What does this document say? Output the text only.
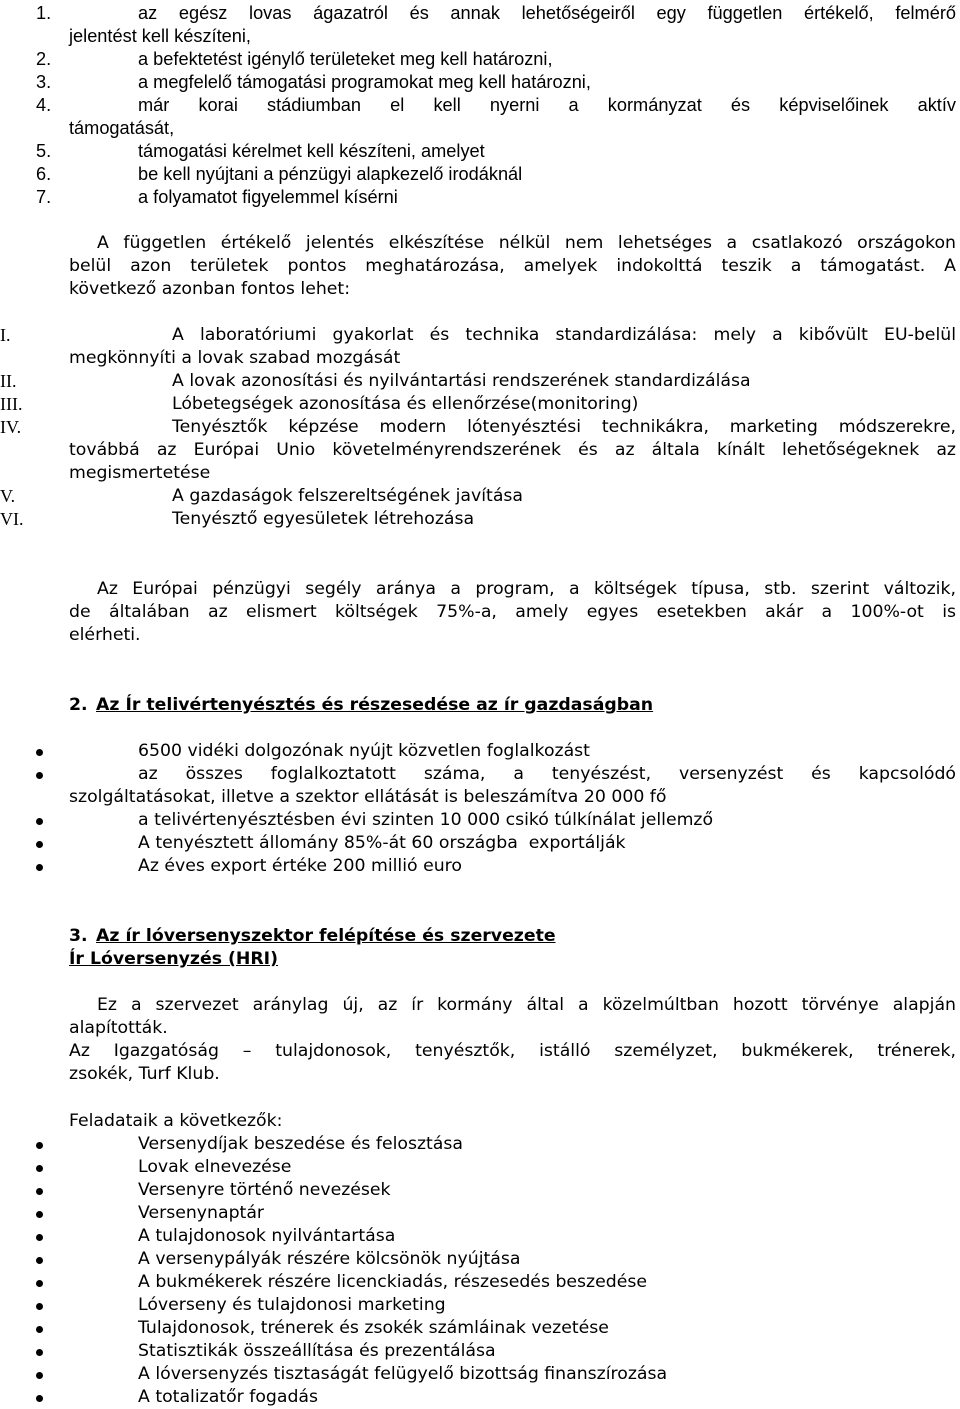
1.	az egész lovas ágazatról és annak lehetőségeiről egy független értékelő, felmérő
jelentést kell készíteni,
2.	a befektetést igénylő területeket meg kell határozni,
3.	a megfelelő támogatási programokat meg kell határozni,
4.	már korai stádiumban el kell nyerni a kormányzat és képviselőinek aktív
támogatását,
5.	támogatási kérelmet kell készíteni, amelyet
6.	be kell nyújtani a pénzügyi alapkezelő irodáknál
7.	a folyamatot figyelemmel kísérni
A független értékelő jelentés elkészítése nélkül nem lehetséges a csatlakozó országokon
belül azon területek pontos meghatározása, amelyek indokolttá teszik a támogatást. A
következő azonban fontos lehet:
I.	A laboratóriumi gyakorlat és technika standardizálása: mely a kibővült EU-belül
megkönnyíti a lovak szabad mozgását
II.	A lovak azonosítási és nyilvántartási rendszerének standardizálása
III.	Lóbetegségek azonosítása és ellenőrzése(monitoring)
IV.	Tenyésztők képzése modern lótenyésztési technikákra, marketing módszerekre,
továbbá az Európai Unio követelményrendszerének és az általa kínált lehetőségeknek az
megismertetése
V.	A gazdaságok felszereltségének javítása
VI.	Tenyésztő egyesületek létrehozása
Az Európai pénzügyi segély aránya a program, a költségek típusa, stb. szerint változik,
de általában az elismert költségek 75%-a, amely egyes esetekben akár a 100%-ot is
elérheti.
2. Az Ír telivértenyésztés és részesedése az ír gazdaságban
6500 vidéki dolgozónak nyújt közvetlen foglalkozást
az összes foglalkoztatott száma, a tenyészést, versenyzést és kapcsolódó
szolgáltatásokat, illetve a szektor ellátását is beleszámítva 20 000 fő
a telivértenyésztésben évi szinten 10 000 csikó túlkínálat jellemző
A tenyésztett állomány 85%-át 60 országba  exportálják
Az éves export értéke 200 millió euro
3. Az ír lóversenyszektor felépítése és szervezete
Ír Lóversenyzés (HRI)
Ez a szervezet aránylag új, az ír kormány által a közelmúltban hozott törvénye alapján
alapították.
Az Igazgatóság – tulajdonosok, tenyésztők, istálló személyzet, bukmékerek, trénerek,
zsokék, Turf Klub.
Feladataik a következők:
Versenydíjak beszedése és felosztása
Lovak elnevezése
Versenyre történő nevezések
Versenynaptár
A tulajdonosok nyilvántartása
A versenypályák részére kölcsönök nyújtása
A bukmékerek részére licenckiadás, részesedés beszedése
Lóverseny és tulajdonosi marketing
Tulajdonosok, trénerek és zsokék számláinak vezetése
Statisztikák összeállítása és prezentálása
A lóversenyzés tisztaságát felügyelő bizottság finanszírozása
A totalizatőr fogadás
